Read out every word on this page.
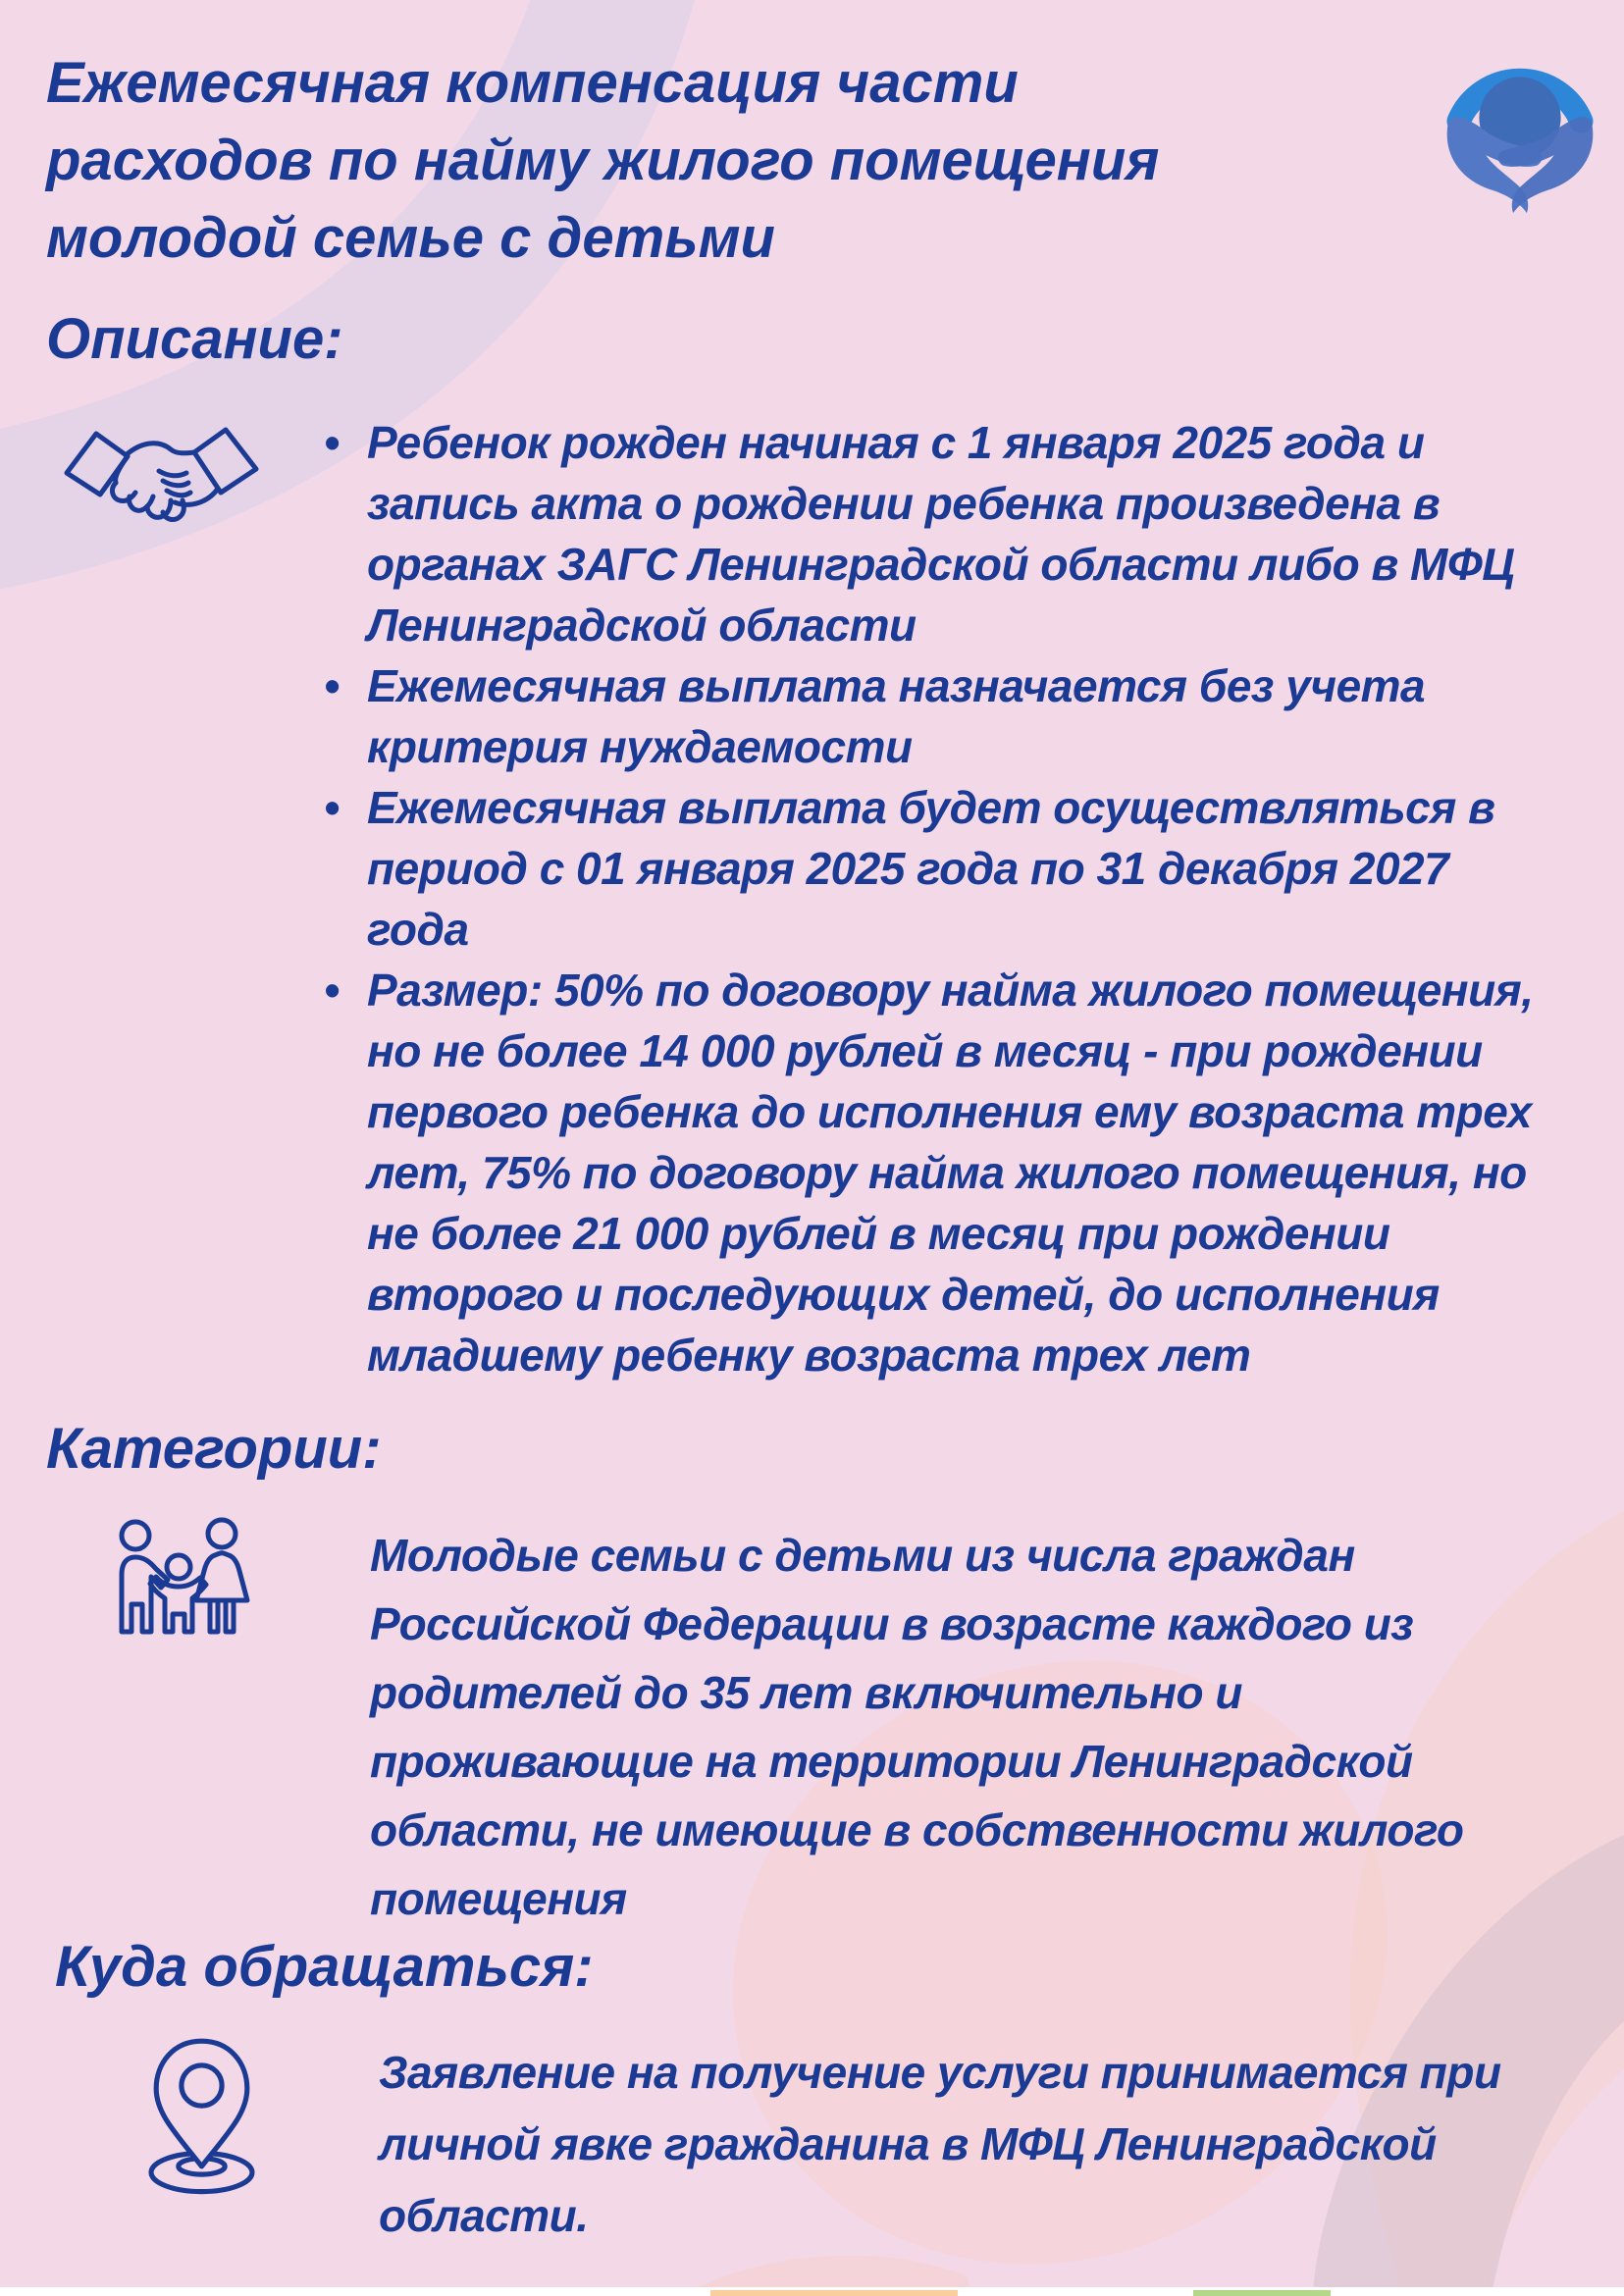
Ежемесячная компенсация части
расходов по найму жилого помещения
молодой семье с детьми
Описание:
• Ребенок рожден начиная с 1 января 2025 года и
запись акта о рождении ребенка произведена в
органах ЗАГС Ленинградской области либо в МФЦ
Ленинградской области
• Ежемесячная выплата назначается без учета
критерия нуждаемости
• Ежемесячная выплата будет осуществляться в
период с 01 января 2025 года по 31 декабря 2027
года
• Размер: 50% по договору найма жилого помещения,
но не более 14 000 рублей в месяц - при рождении
первого ребенка до исполнения ему возраста трех
лет, 75% по договору найма жилого помещения, но
не более 21 000 рублей в месяц при рождении
второго и последующих детей, до исполнения
младшему ребенку возраста трех лет
Категории:
Молодые семьи с детьми из числа граждан
Российской Федерации в возрасте каждого из
родителей до 35 лет включительно и
проживающие на территории Ленинградской
области, не имеющие в собственности жилого
помещения
Куда обращаться:
Заявление на получение услуги принимается при
личной явке гражданина в МФЦ Ленинградской
области.
